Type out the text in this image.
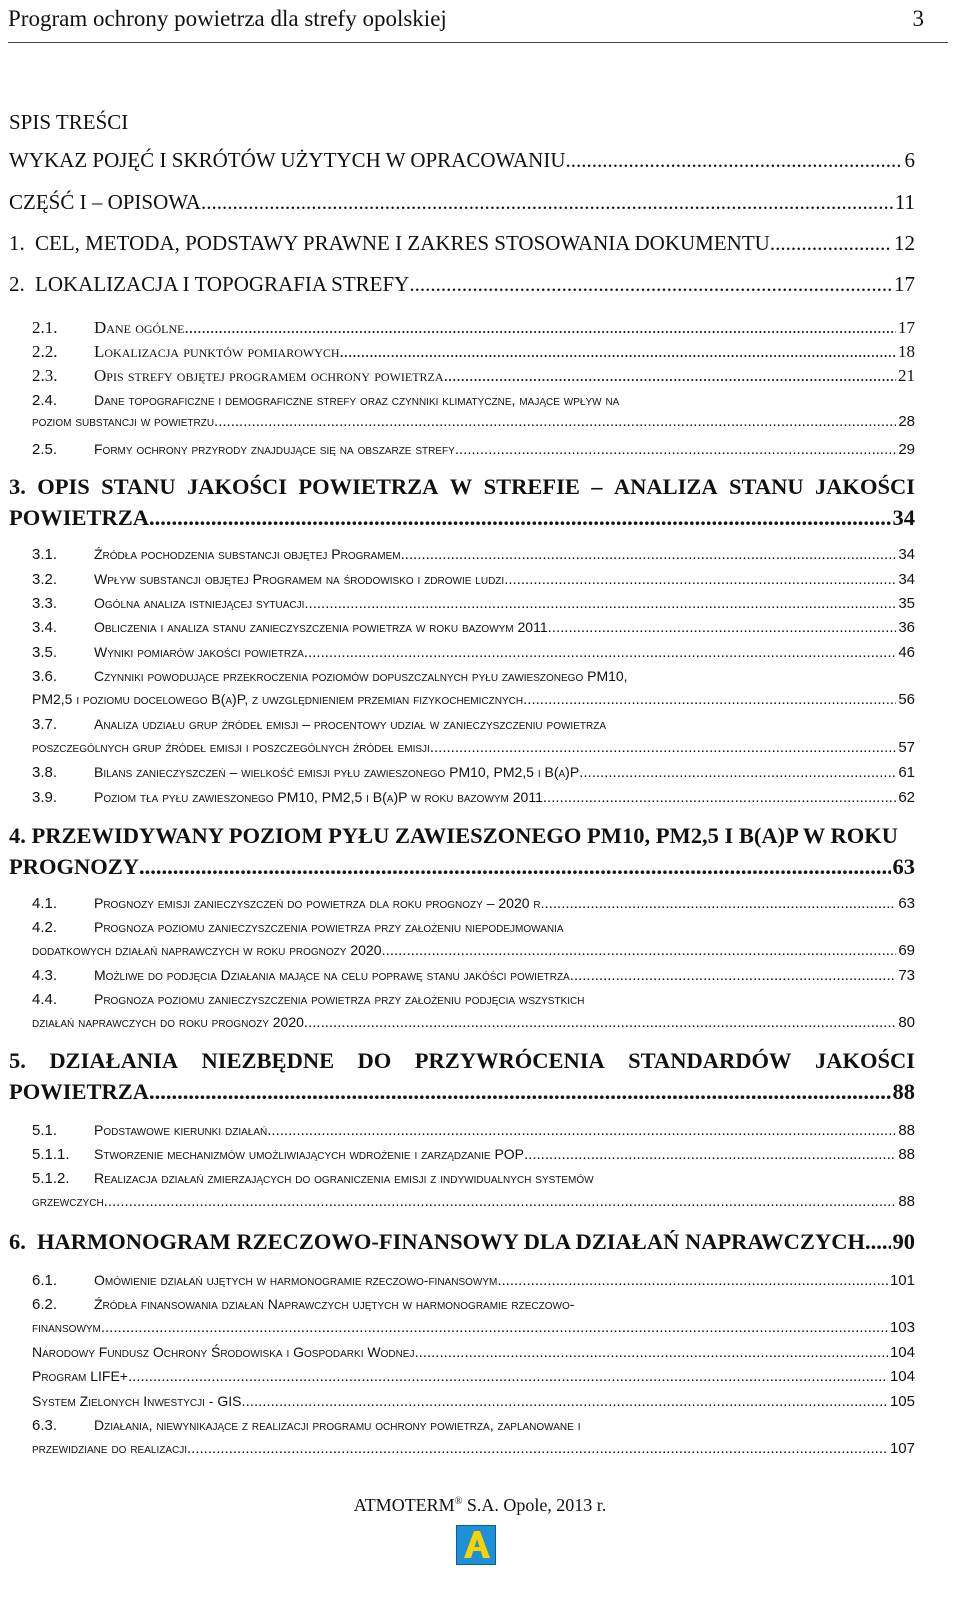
Program ochrony powietrza dla strefy opolskiej	3
SPIS TREŚCI
WYKAZ POJĘĆ I SKRÓTÓW UŻYTYCH W OPRACOWANIU .....	6
CZĘŚĆ I – OPISOWA .....	11
1. CEL, METODA, PODSTAWY PRAWNE I ZAKRES STOSOWANIA DOKUMENTU .....	12
2. LOKALIZACJA I TOPOGRAFIA STREFY .....	17
2.1.	Dane ogólne .....	17
2.2.	Lokalizacja punktów pomiarowych .....	18
2.3.	Opis strefy objętej programem ochrony powietrza .....	21
2.4.	Dane topograficzne i demograficzne strefy oraz czynniki klimatyczne, mające wpływ na
poziom substancji w powietrzu .....	28
2.5.	Formy ochrony przyrody znajdujące się na obszarze strefy .....	29
3. OPIS STANU JAKOŚCI POWIETRZA W STREFIE – ANALIZA STANU JAKOŚCI
POWIETRZA .....	34
3.1.	Źródła pochodzenia substancji objętej Programem .....	34
3.2.	Wpływ substancji objętej Programem na środowisko i zdrowie ludzi .....	34
3.3.	Ogólna analiza istniejącej sytuacji .....	35
3.4.	Obliczenia i analiza stanu zanieczyszczenia powietrza w roku bazowym 2011 .....	36
3.5.	Wyniki pomiarów jakości powietrza .....	46
3.6.	Czynniki powodujące przekroczenia poziomów dopuszczalnych pyłu zawieszonego PM10,
PM2,5 i poziomu docelowego B(a)P, z uwzględnieniem przemian fizykochemicznych .....	56
3.7.	Analiza udziału grup źródeł emisji – procentowy udział w zanieczyszczeniu powietrza
poszczególnych grup źródeł emisji i poszczególnych źródeł emisji .....	57
3.8.	Bilans zanieczyszczeń – wielkość emisji pyłu zawieszonego PM10, PM2,5 i B(a)P .....	61
3.9.	Poziom tła pyłu zawieszonego PM10, PM2,5 i B(a)P w roku bazowym 2011 .....	62
4. PRZEWIDYWANY POZIOM PYŁU ZAWIESZONEGO PM10, PM2,5 I B(A)P W ROKU
PROGNOZY .....	63
4.1.	Prognozy emisji zanieczyszczeń do powietrza dla roku prognozy – 2020 r. .....	63
4.2.	Prognoza poziomu zanieczyszczenia powietrza przy założeniu niepodejmowania
dodatkowych działań naprawczych w roku prognozy 2020 .....	69
4.3.	Możliwe do podjęcia Działania mające na celu poprawę stanu jakóści powietrza .....	73
4.4.	Prognoza poziomu zanieczyszczenia powietrza przy założeniu podjęcia wszystkich
działań naprawczych do roku prognozy 2020 .....	80
5. DZIAŁANIA NIEZBĘDNE DO PRZYWRÓCENIA STANDARDÓW JAKOŚCI
POWIETRZA .....	88
5.1.	Podstawowe kierunki działań .....	88
5.1.1.	Stworzenie mechanizmów umożliwiających wdrożenie i zarządzanie POP .....	88
5.1.2.	Realizacja działań zmierzających do ograniczenia emisji z indywidualnych systemów
grzewczych .....	88
6. HARMONOGRAM RZECZOWO-FINANSOWY DLA DZIAŁAŃ NAPRAWCZYCH ..... 90
6.1.	Omówienie działań ujętych w harmonogramie rzeczowo-finansowym .....	101
6.2.	Źródła finansowania działań Naprawczych ujętych w harmonogramie rzeczowo-
finansowym .....	103
Narodowy Fundusz Ochrony Środowiska i Gospodarki Wodnej .....	104
Program LIFE+ .....	104
System Zielonych Inwestycji - GIS .....	105
6.3.	Działania, niewynikające z realizacji programu ochrony powietrza, zaplanowane i
przewidziane do realizacji .....	107
ATMOTERM® S.A. Opole, 2013 r.
